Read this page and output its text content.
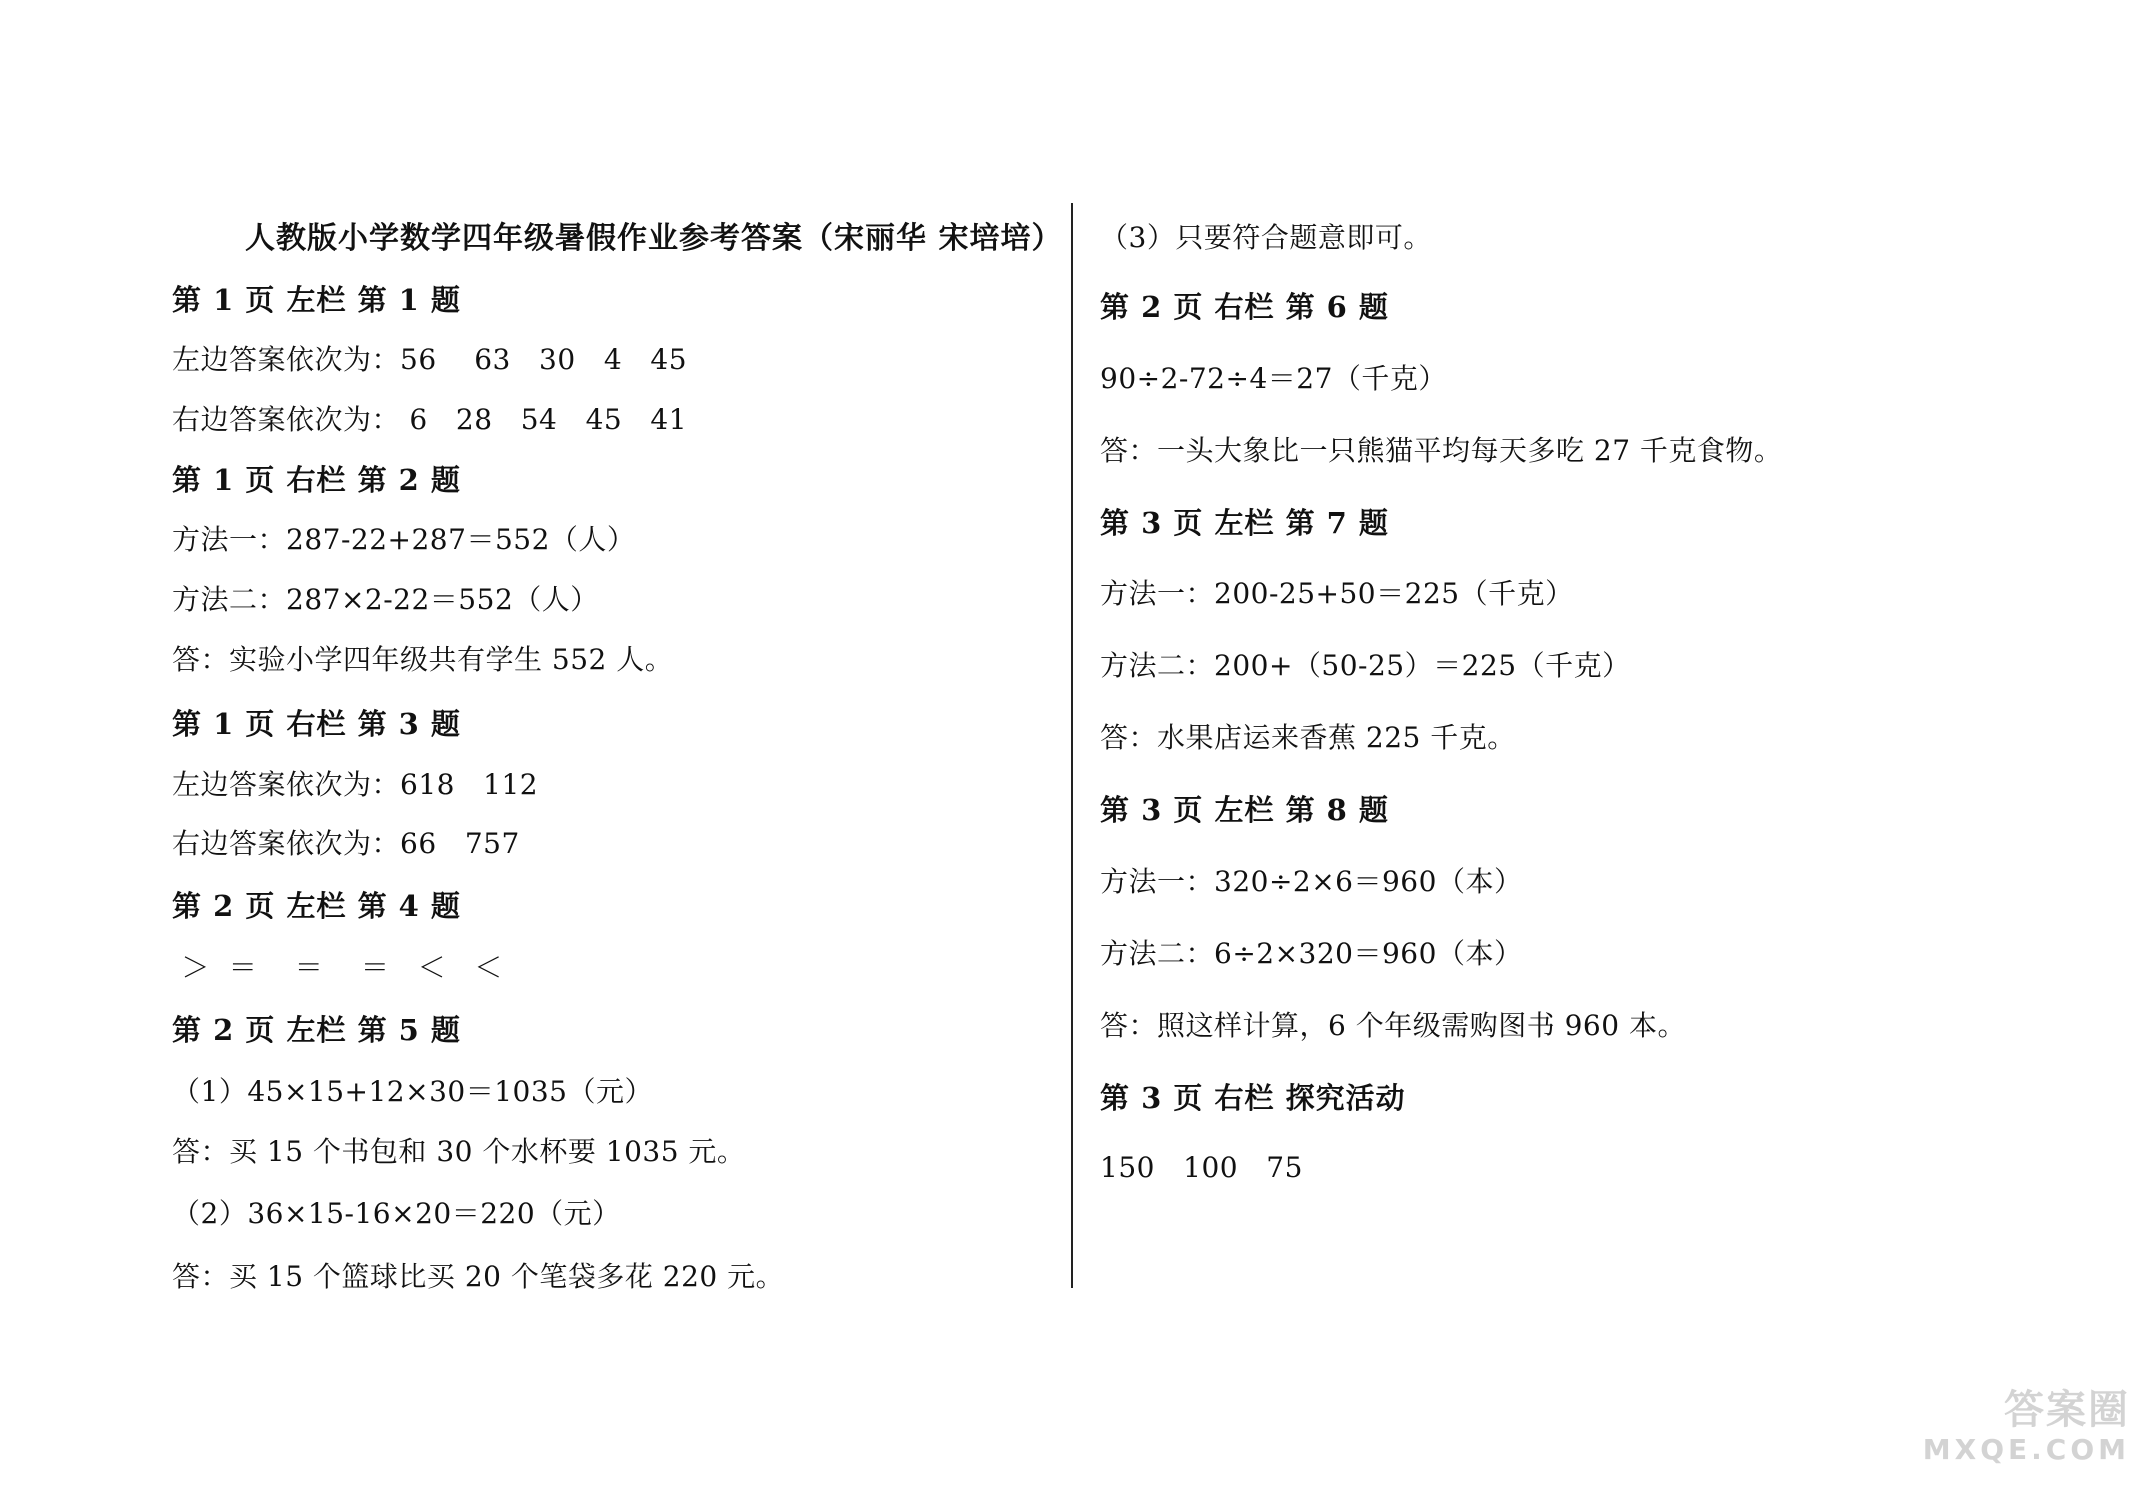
人教版小学数学四年级暑假作业参考答案（宋丽华 宋培培）
第 1 页 左栏 第 1 题
左边答案依次为：56    63   30   4   45
右边答案依次为： 6   28   54   45   41
第 1 页 右栏 第 2 题
方法一：287-22+287＝552（人）
方法二：287×2-22＝552（人）
答：实验小学四年级共有学生 552 人。
第 1 页 右栏 第 3 题
左边答案依次为：618   112
右边答案依次为：66   757
第 2 页 左栏 第 4 题
＞  ＝    ＝    ＝   ＜   ＜
第 2 页 左栏 第 5 题
（1）45×15+12×30＝1035（元）
答：买 15 个书包和 30 个水杯要 1035 元。
（2）36×15-16×20＝220（元）
答：买 15 个篮球比买 20 个笔袋多花 220 元。
（3）只要符合题意即可。
第 2 页 右栏 第 6 题
90÷2-72÷4＝27（千克）
答：一头大象比一只熊猫平均每天多吃 27 千克食物。
第 3 页 左栏 第 7 题
方法一：200-25+50＝225（千克）
方法二：200+（50-25）＝225（千克）
答：水果店运来香蕉 225 千克。
第 3 页 左栏 第 8 题
方法一：320÷2×6＝960（本）
方法二：6÷2×320＝960（本）
答：照这样计算，6 个年级需购图书 960 本。
第 3 页 右栏 探究活动
150   100   75
答案圈
MXQE.COM
